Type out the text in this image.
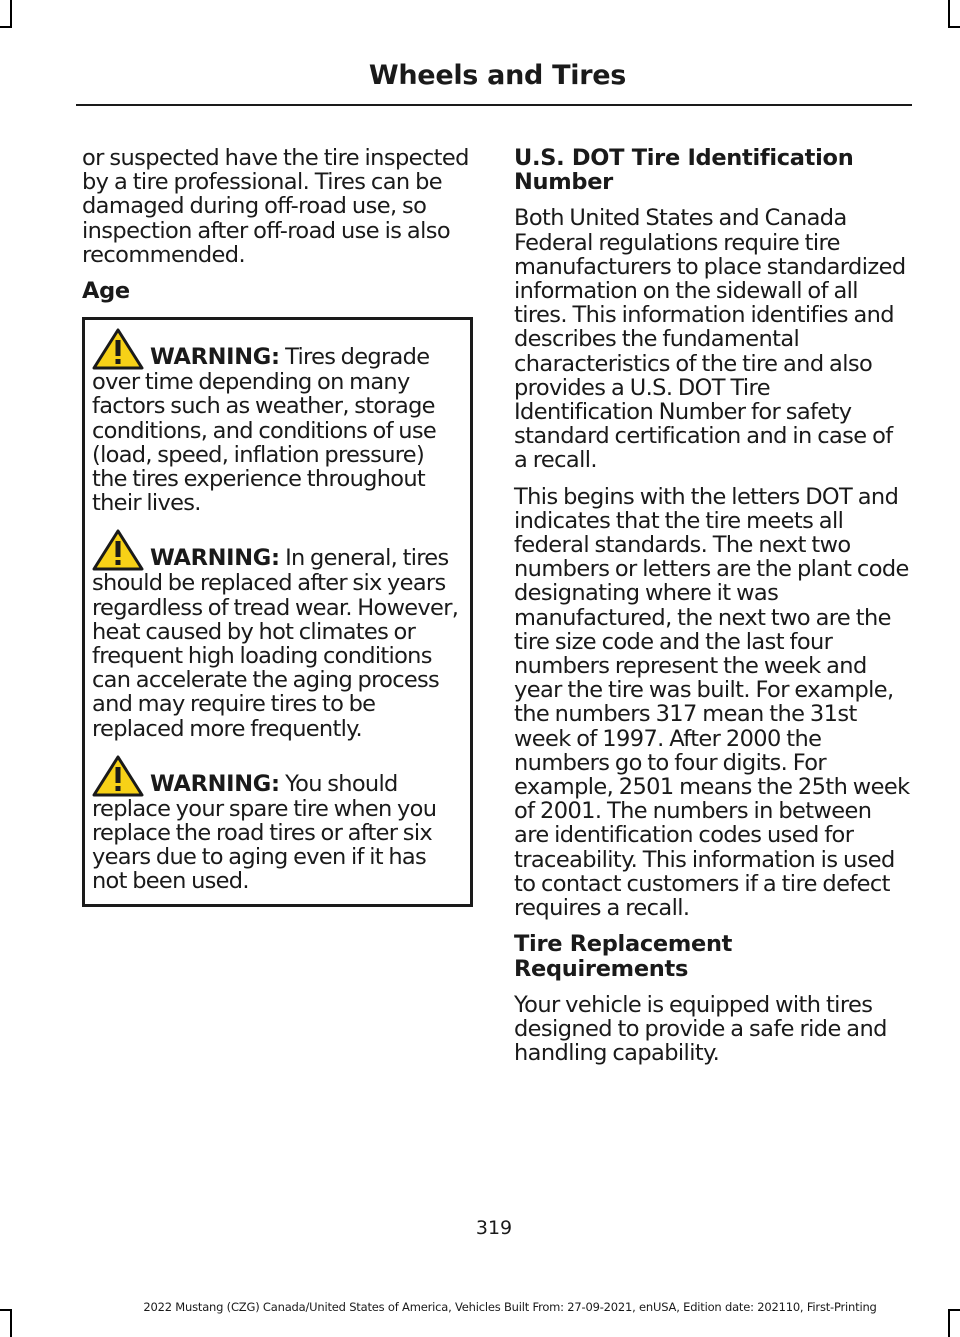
Wheels and Tires

or suspected have the tire inspected by a tire professional. Tires can be damaged during off-road use, so inspection after off-road use is also recommended.

Age

WARNING: Tires degrade over time depending on many factors such as weather, storage conditions, and conditions of use (load, speed, inflation pressure) the tires experience throughout their lives.

WARNING: In general, tires should be replaced after six years regardless of tread wear. However, heat caused by hot climates or frequent high loading conditions can accelerate the aging process and may require tires to be replaced more frequently.

WARNING: You should replace your spare tire when you replace the road tires or after six years due to aging even if it has not been used.

U.S. DOT Tire Identification Number

Both United States and Canada Federal regulations require tire manufacturers to place standardized information on the sidewall of all tires. This information identifies and describes the fundamental characteristics of the tire and also provides a U.S. DOT Tire Identification Number for safety standard certification and in case of a recall.

This begins with the letters DOT and indicates that the tire meets all federal standards. The next two numbers or letters are the plant code designating where it was manufactured, the next two are the tire size code and the last four numbers represent the week and year the tire was built. For example, the numbers 317 mean the 31st week of 1997. After 2000 the numbers go to four digits. For example, 2501 means the 25th week of 2001. The numbers in between are identification codes used for traceability. This information is used to contact customers if a tire defect requires a recall.

Tire Replacement Requirements

Your vehicle is equipped with tires designed to provide a safe ride and handling capability.

319
2022 Mustang (CZG) Canada/United States of America, Vehicles Built From: 27-09-2021, enUSA, Edition date: 202110, First-Printing
